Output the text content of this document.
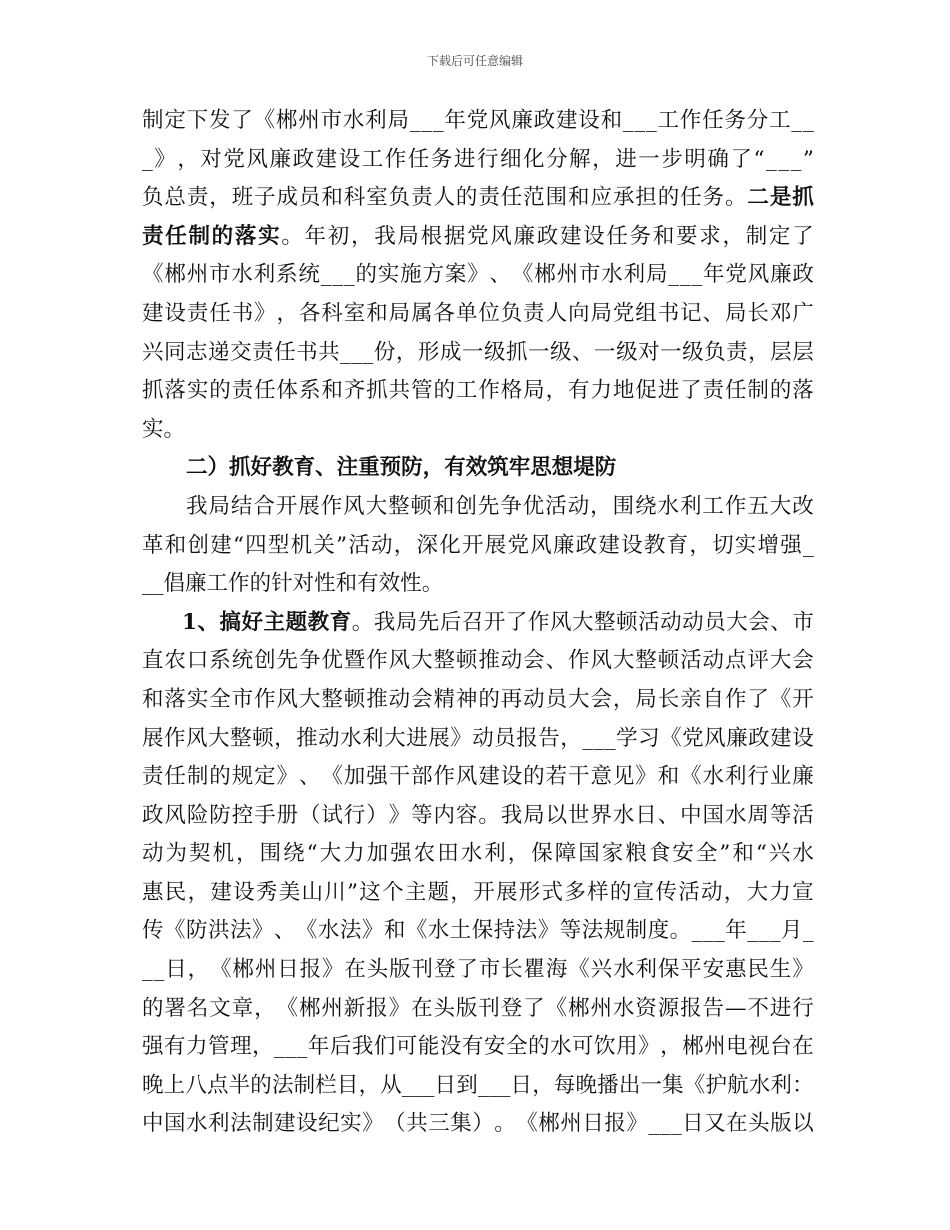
下载后可任意编辑
制 定 下 发 了 《 郴 州 市 水 利 局 _ _ _ 年 党 风 廉 政 建 设 和 _ _ _ 工 作 任 务 分 工 _ _
_ 》 ， 对 党 风 廉 政 建 设 工 作 任 务 进 行 细 化 分 解 ， 进 一 步 明 确 了 “ _ _ _ ”
负 总 责 ， 班 子 成 员 和 科 室 负 责 人 的 责 任 范 围 和 应 承 担 的 任 务 。 二 是 抓
责 任 制 的 落 实 。 年 初 ， 我 局 根 据 党 风 廉 政 建 设 任 务 和 要 求 ， 制 定 了
《 郴 州 市 水 利 系 统 _ _ _ 的 实 施 方 案 》 、 《 郴 州 市 水 利 局 _ _ _ 年 党 风 廉 政
建 设 责 任 书 》 ， 各 科 室 和 局 属 各 单 位 负 责 人 向 局 党 组 书 记 、 局 长 邓 广
兴 同 志 递 交 责 任 书 共 _ _ _ 份 ， 形 成 一 级 抓 一 级 、 一 级 对 一 级 负 责 ， 层 层
抓 落 实 的 责 任 体 系 和 齐 抓 共 管 的 工 作 格 局 ， 有 力 地 促 进 了 责 任 制 的 落
实 。
二 ） 抓 好 教 育 、 注 重 预 防 ， 有 效 筑 牢 思 想 堤 防
我 局 结 合 开 展 作 风 大 整 顿 和 创 先 争 优 活 动 ， 围 绕 水 利 工 作 五 大 改
革 和 创 建 “ 四 型 机 关 ” 活 动 ， 深 化 开 展 党 风 廉 政 建 设 教 育 ， 切 实 增 强 _
_ _ 倡 廉 工 作 的 针 对 性 和 有 效 性 。
1 、 搞 好 主 题 教 育 。 我 局 先 后 召 开 了 作 风 大 整 顿 活 动 动 员 大 会 、 市
直 农 口 系 统 创 先 争 优 暨 作 风 大 整 顿 推 动 会 、 作 风 大 整 顿 活 动 点 评 大 会
和 落 实 全 市 作 风 大 整 顿 推 动 会 精 神 的 再 动 员 大 会 ， 局 长 亲 自 作 了 《 开
展 作 风 大 整 顿 ， 推 动 水 利 大 进 展 》 动 员 报 告 ， _ _ _ 学 习 《 党 风 廉 政 建 设
责 任 制 的 规 定 》 、 《 加 强 干 部 作 风 建 设 的 若 干 意 见 》 和 《 水 利 行 业 廉
政 风 险 防 控 手 册 （ 试 行 ） 》 等 内 容 。 我 局 以 世 界 水 日 、 中 国 水 周 等 活
动 为 契 机 ， 围 绕 “ 大 力 加 强 农 田 水 利 ， 保 障 国 家 粮 食 安 全 ” 和 “ 兴 水
惠 民 ， 建 设 秀 美 山 川 ” 这 个 主 题 ， 开 展 形 式 多 样 的 宣 传 活 动 ， 大 力 宣
传 《 防 洪 法 》 、 《 水 法 》 和 《 水 土 保 持 法 》 等 法 规 制 度 。 _ _ _ 年 _ _ _ 月 _
_ _ 日 ， 《 郴 州 日 报 》 在 头 版 刊 登 了 市 长 瞿 海 《 兴 水 利 保 平 安 惠 民 生 》
的 署 名 文 章 ， 《 郴 州 新 报 》 在 头 版 刊 登 了 《 郴 州 水 资 源 报 告 — 不 进 行
强 有 力 管 理 ， _ _ _ 年 后 我 们 可 能 没 有 安 全 的 水 可 饮 用 》 ， 郴 州 电 视 台 在
晚 上 八 点 半 的 法 制 栏 目 ， 从 _ _ _ 日 到 _ _ _ 日 ， 每 晚 播 出 一 集 《 护 航 水 利 ：
中 国 水 利 法 制 建 设 纪 实 》 （ 共 三 集 ） 。 《 郴 州 日 报 》 _ _ _ 日 又 在 头 版 以
